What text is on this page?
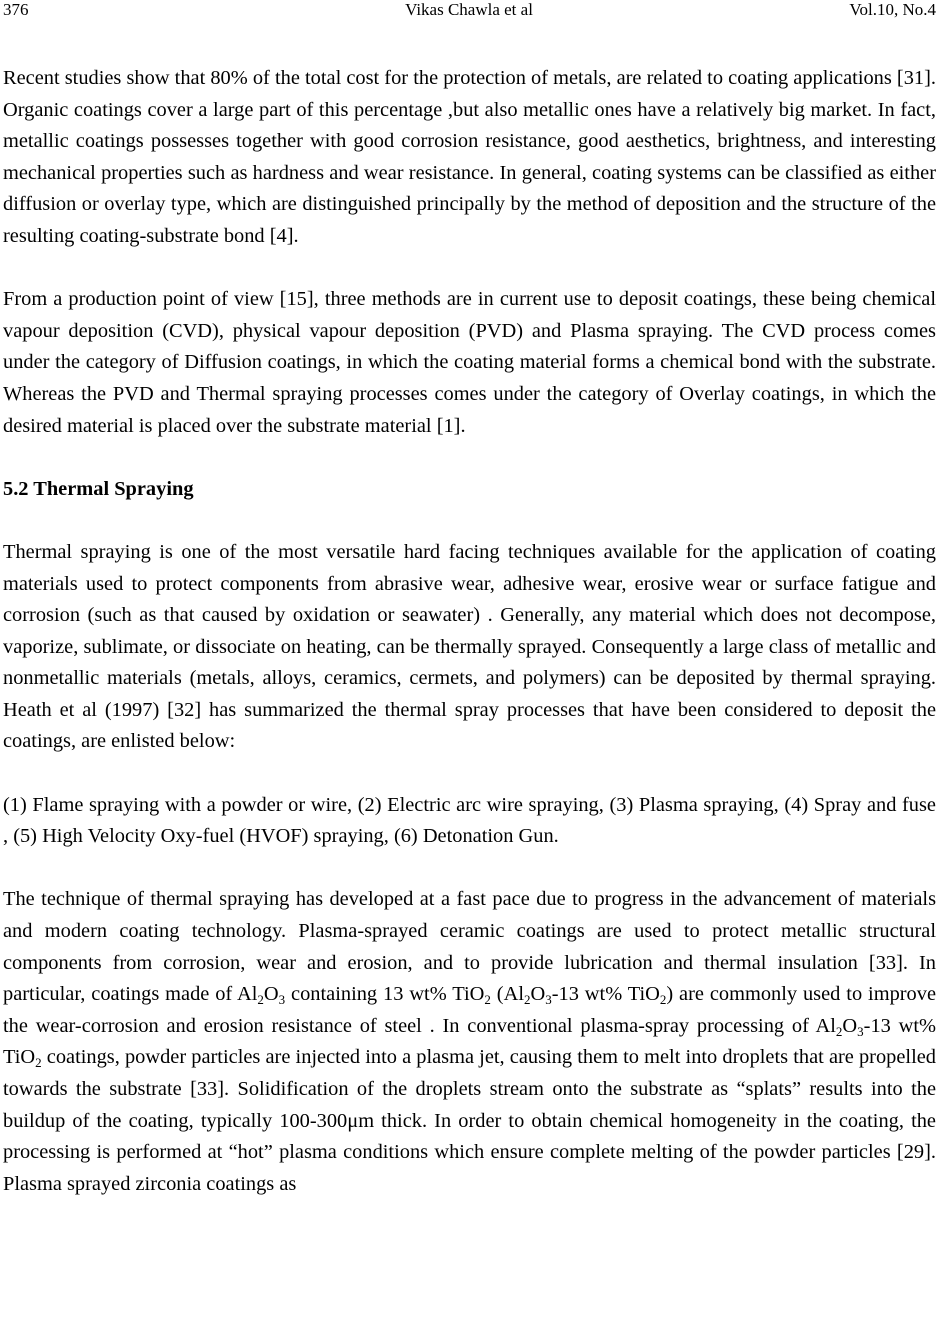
376	Vikas Chawla et al	Vol.10, No.4

Recent studies show that 80% of the total cost for the protection of metals, are related to coating applications [31]. Organic coatings cover a large part of this percentage ,but also metallic ones have a relatively big market. In fact, metallic coatings possesses together with good corrosion resistance, good aesthetics, brightness, and interesting mechanical properties such as hardness and wear resistance. In general, coating systems can be classified as either diffusion or overlay type, which are distinguished principally by the method of deposition and the structure of the resulting coating-substrate bond [4].

From a production point of view [15], three methods are in current use to deposit coatings, these being chemical vapour deposition (CVD), physical vapour deposition (PVD) and Plasma spraying. The CVD process comes under the category of Diffusion coatings, in which the coating material forms a chemical bond with the substrate. Whereas the PVD and Thermal spraying processes comes under the category of Overlay coatings, in which the desired material is placed over the substrate material [1].

5.2 Thermal Spraying

Thermal spraying is one of the most versatile hard facing techniques available for the application of coating materials used to protect components from abrasive wear, adhesive wear, erosive wear or surface fatigue and corrosion (such as that caused by oxidation or seawater) . Generally, any material which does not decompose, vaporize, sublimate, or dissociate on heating, can be thermally sprayed. Consequently a large class of metallic and nonmetallic materials (metals, alloys, ceramics, cermets, and polymers) can be deposited by thermal spraying. Heath et al (1997) [32] has summarized the thermal spray processes that have been considered to deposit the coatings, are enlisted below:

(1) Flame spraying with a powder or wire, (2) Electric arc wire spraying, (3) Plasma spraying, (4) Spray and fuse , (5) High Velocity Oxy-fuel (HVOF) spraying, (6) Detonation Gun.

The technique of thermal spraying has developed at a fast pace due to progress in the advancement of materials and modern coating technology. Plasma-sprayed ceramic coatings are used to protect metallic structural components from corrosion, wear and erosion, and to provide lubrication and thermal insulation [33]. In particular, coatings made of $Al_2O_3$ containing 13 wt% TiO$_2$ ($Al_2O_3-13$ wt% TiO$_2$) are commonly used to improve the wear-corrosion and erosion resistance of steel . In conventional plasma-spray processing of $Al_2O_3-13$ wt% TiO$_2$ coatings, powder particles are injected into a plasma jet, causing them to melt into droplets that are propelled towards the substrate [33]. Solidification of the droplets stream onto the substrate as “splats” results into the buildup of the coating, typically 100-300μm thick. In order to obtain chemical homogeneity in the coating, the processing is performed at “hot” plasma conditions which ensure complete melting of the powder particles [29]. Plasma sprayed zirconia coatings as
